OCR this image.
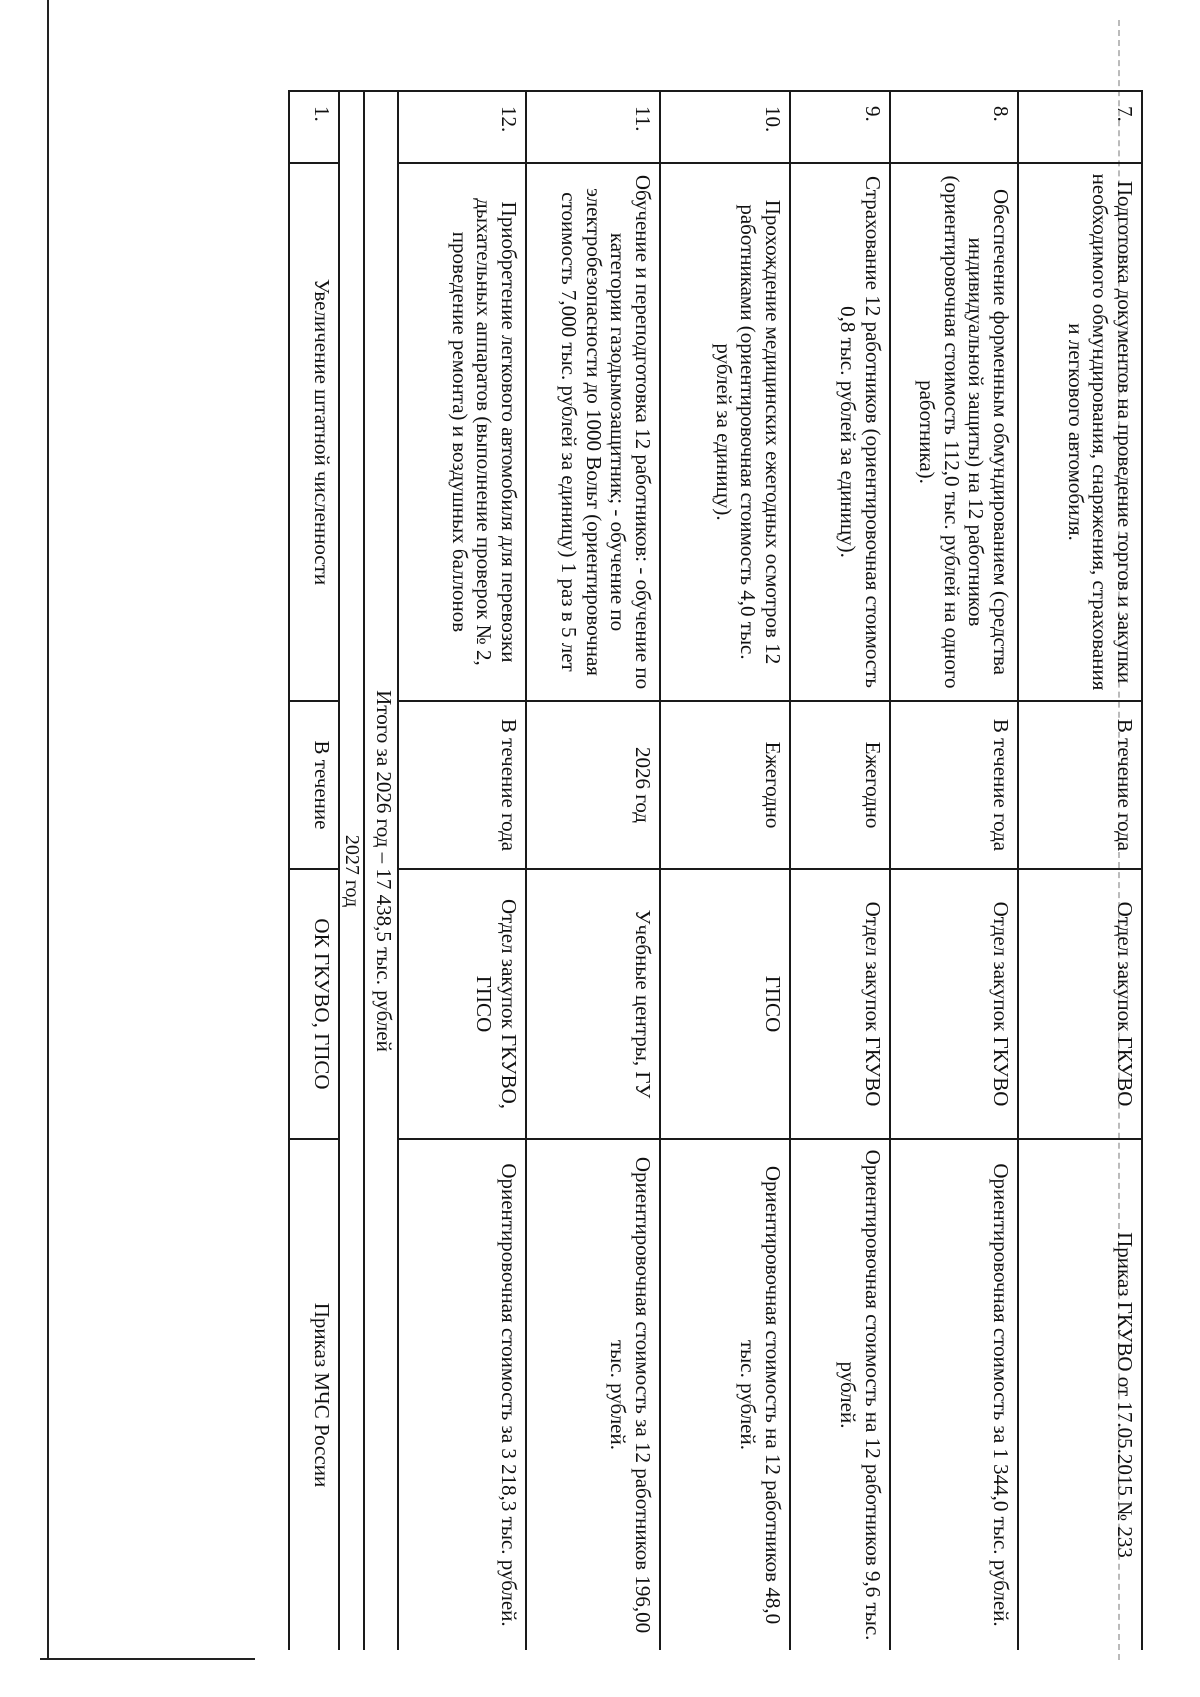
7.	Подготовка документов на проведение торгов и закупки необходимого обмундирования, снаряжения, страхования и легкового автомобиля.	В течение года	Отдел закупок ГКУВО	Приказ ГКУВО от 17.05.2015 № 233
8.	Обеспечение форменным обмундированием (средства индивидуальной защиты) на 12 работников (ориентировочная стоимость 112,0 тыс. рублей на одного работника).	В течение года	Отдел закупок ГКУВО	Ориентировочная стоимость за 1 344,0 тыс. рублей.
9.	Страхование 12 работников (ориентировочная стоимость 0,8 тыс. рублей за единицу).	Ежегодно	Отдел закупок ГКУВО	Ориентировочная стоимость на 12 работников 9,6 тыс. рублей.
10.	Прохождение медицинских ежегодных осмотров 12 работниками (ориентировочная стоимость 4,0 тыс. рублей за единицу).	Ежегодно	ГПСО	Ориентировочная стоимость на 12 работников 48,0 тыс. рублей.
11.	Обучение и переподготовка 12 работников: - обучение по категории газодымозащитник; - обучение по электробезопасности до 1000 Вольт (ориентировочная стоимость 7,000 тыс. рублей за единицу) 1 раз в 5 лет	2026 год	Учебные центры, ГУ	Ориентировочная стоимость за 12 работников 196,00 тыс. рублей.
12.	Приобретение легкового автомобиля для перевозки дыхательных аппаратов (выполнение проверок № 2, проведение ремонта) и воздушных баллонов	В течение года	Отдел закупок ГКУВО, ГПСО	Ориентировочная стоимость за 3 218,3 тыс. рублей.
Итого за 2026 год – 17 438,5 тыс. рублей				
2027 год				
1.	Увеличение штатной численности	В течение	ОК ГКУВО, ГПСО	Приказ МЧС России
